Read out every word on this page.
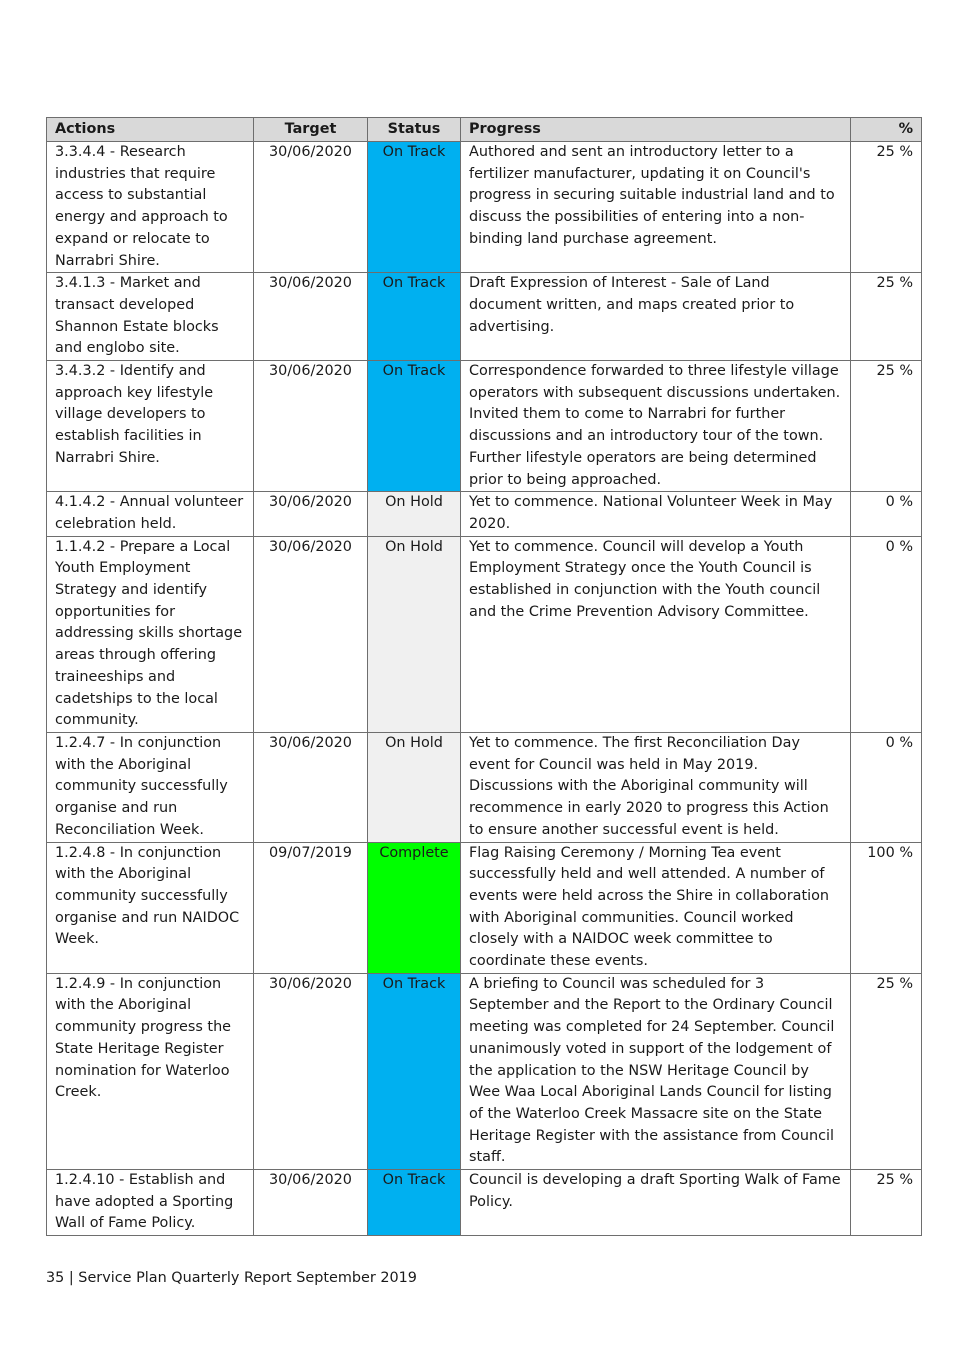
Actions	Target	Status	Progress	%
3.3.4.4 - Research industries that require access to substantial energy and approach to expand or relocate to Narrabri Shire.	30/06/2020	On Track	Authored and sent an introductory letter to a fertilizer manufacturer, updating it on Council's progress in securing suitable industrial land and to discuss the possibilities of entering into a non-binding land purchase agreement.	25 %
3.4.1.3 - Market and transact developed Shannon Estate blocks and englobo site.	30/06/2020	On Track	Draft Expression of Interest - Sale of Land document written, and maps created prior to advertising.	25 %
3.4.3.2 - Identify and approach key lifestyle village developers to establish facilities in Narrabri Shire.	30/06/2020	On Track	Correspondence forwarded to three lifestyle village operators with subsequent discussions undertaken. Invited them to come to Narrabri for further discussions and an introductory tour of the town. Further lifestyle operators are being determined prior to being approached.	25 %
4.1.4.2 - Annual volunteer celebration held.	30/06/2020	On Hold	Yet to commence. National Volunteer Week in May 2020.	0 %
1.1.4.2 - Prepare a Local Youth Employment Strategy and identify opportunities for addressing skills shortage areas through offering traineeships and cadetships to the local community.	30/06/2020	On Hold	Yet to commence. Council will develop a Youth Employment Strategy once the Youth Council is established in conjunction with the Youth council and the Crime Prevention Advisory Committee.	0 %
1.2.4.7 - In conjunction with the Aboriginal community successfully organise and run Reconciliation Week.	30/06/2020	On Hold	Yet to commence. The first Reconciliation Day event for Council was held in May 2019. Discussions with the Aboriginal community will recommence in early 2020 to progress this Action to ensure another successful event is held.	0 %
1.2.4.8 - In conjunction with the Aboriginal community successfully organise and run NAIDOC Week.	09/07/2019	Complete	Flag Raising Ceremony / Morning Tea event successfully held and well attended. A number of events were held across the Shire in collaboration with Aboriginal communities. Council worked closely with a NAIDOC week committee to coordinate these events.	100 %
1.2.4.9 - In conjunction with the Aboriginal community progress the State Heritage Register nomination for Waterloo Creek.	30/06/2020	On Track	A briefing to Council was scheduled for 3 September and the Report to the Ordinary Council meeting was completed for 24 September. Council unanimously voted in support of the lodgement of the application to the NSW Heritage Council by Wee Waa Local Aboriginal Lands Council for listing of the Waterloo Creek Massacre site on the State Heritage Register with the assistance from Council staff.	25 %
1.2.4.10 - Establish and have adopted a Sporting Wall of Fame Policy.	30/06/2020	On Track	Council is developing a draft Sporting Walk of Fame Policy.	25 %
35 | Service Plan Quarterly Report September 2019
